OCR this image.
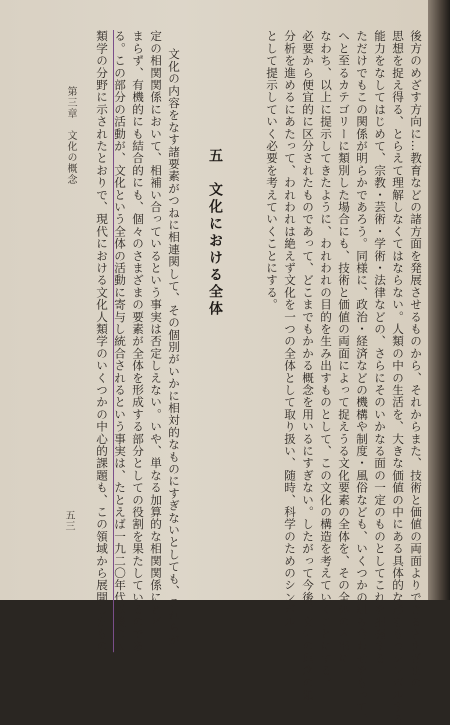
後方のめざす方向に…教育などの諸方面を発展させるものから、それからまた、技術と価値の両面よりできるさまざまの
思想を捉え得る、とらえて理解しなくてはならない。人類の中の生活を、大きな価値の中にある具体的な形をもつシンボルする
能力をなしてはじめて、宗教・芸術・学術・法律などの、さらにそのいかなる面の一定のものとしてこれを把握する
ただけでもこの関係が明らかであろう。同様に、政治・経済などの機構や制度・風俗なども、いくつかの組み合わせをもって、
へと至るカテゴリーに類別した場合にも、技術と価値の両面によって捉えうる文化要素の全体を、その全体の内部に
なわち、以上に提示してきたように、われわれの目的を生み出すものとして、この文化の構造を考えていくことにする。
必要から便宜的に区分されたものであって、どこまでもかかる概念を用いるにすぎない。したがって今後、文化の理念の類
分析を進めるにあたって、われわれは絶えず文化を一つの全体として取り扱い、随時、科学のためのシンボル
として提示していく必要を考えていくことにする。
五　文化における全体
文化の内容をなす諸要素がつねに相連関して、その個別がいかに相対的なものにすぎないとしても、これらが一
定の相関関係において、相補い合っているという事実は否定しえない。いや、単なる加算的な相関関係にとど
まらず、有機的にも結合的にも、個々のさまざまの要素が全体を形成する部分としての役割を果たしているのであ
る。この部分の活動が、文化という全体の活動に寄与し統合されるという事実は、たとえば一九二〇年代以後の人
類学の分野に示されたとおりで、現代における文化人類学のいくつかの中心的課題も、この領域から展開したもの
第三章　文化の概念
五三
